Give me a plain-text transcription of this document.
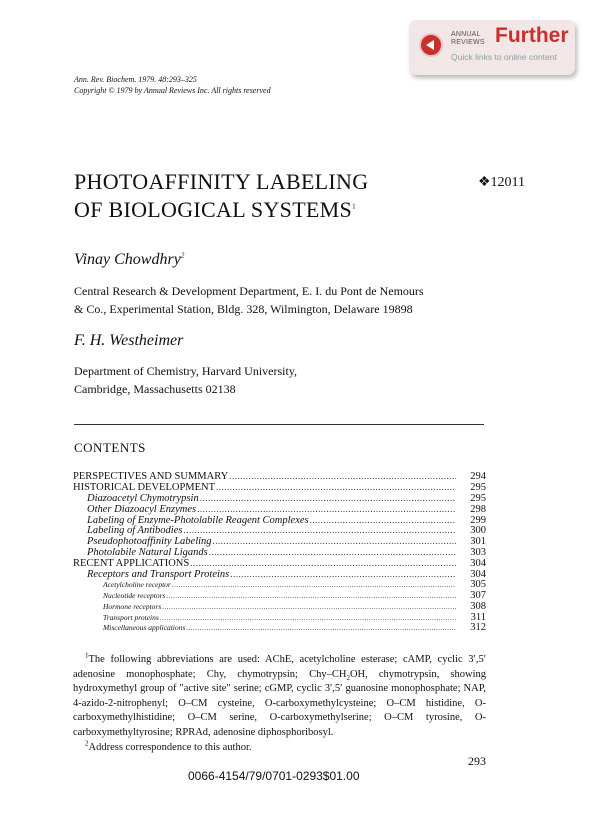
ANNUAL
REVIEWS Further
Quick links to online content
Ann. Rev. Biochem. 1979. 48:293–325
Copyright © 1979 by Annual Reviews Inc. All rights reserved
PHOTOAFFINITY LABELING
OF BIOLOGICAL SYSTEMS$^1$
❖12011
Vinay Chowdhry$^2$
Central Research & Development Department, E. I. du Pont de Nemours
& Co., Experimental Station, Bldg. 328, Wilmington, Delaware 19898
F. H. Westheimer
Department of Chemistry, Harvard University,
Cambridge, Massachusetts 02138
CONTENTS
PERSPECTIVES AND SUMMARY .....	294
HISTORICAL DEVELOPMENT .....	295
Diazoacetyl Chymotrypsin .....	295
Other Diazoacyl Enzymes .....	298
Labeling of Enzyme-Photolabile Reagent Complexes .....	299
Labeling of Antibodies .....	300
Pseudophotoaffinity Labeling .....	301
Photolabile Natural Ligands .....	303
RECENT APPLICATIONS .....	304
Receptors and Transport Proteins .....	304
Acetylcholine receptor .....	305
Nucleotide receptors .....	307
Hormone receptors .....	308
Transport proteins .....	311
Miscellaneous applications .....	312

$^1$The following abbreviations are used: AChE, acetylcholine esterase; cAMP, cyclic 3′,5′ adenosine monophosphate; Chy, chymotrypsin; Chy–$CH_2OH$, chymotrypsin, showing hydroxymethyl group of "active site" serine; cGMP, cyclic 3′,5′ guanosine monophosphate; NAP, 4-azido-2-nitrophenyl; O–CM cysteine, O-carboxymethylcysteine; O–CM histidine, O-carboxymethylhistidine; O–CM serine, O-carboxymethylserine; O–CM tyrosine, O-carboxymethyltyrosine; RPRAd, adenosine diphosphoribosyl.

$^2$Address correspondence to this author.

293
0066-4154/79/0701-0293$01.00
